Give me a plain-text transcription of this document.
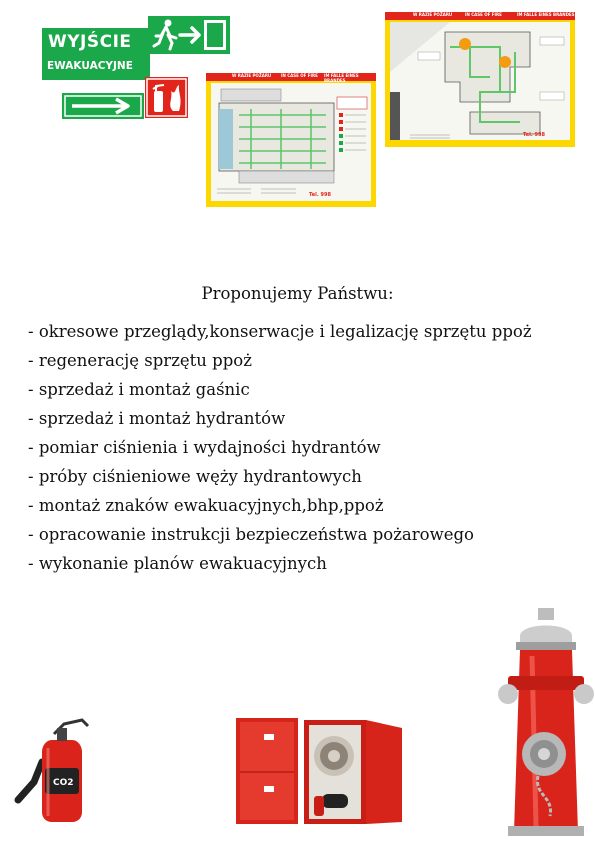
WYJŚCIE
EWAKUACYJNE
W RAZIE POŻARU IN CASE OF FIRE IM FALLE EINES BRANDES
Tel. 998
W RAZIE POŻARU	IN CASE OF FIRE	IM FALLE EINES BRANDES
Tel. 998
Proponujemy Państwu:
- okresowe przeglądy,konserwacje i legalizację sprzętu ppoż
- regenerację sprzętu ppoż
- sprzedaż i montaż gaśnic
- sprzedaż i montaż hydrantów
- pomiar ciśnienia i wydajności hydrantów
- próby ciśnieniowe węży hydrantowych
- montaż znaków ewakuacyjnych,bhp,ppoż
- opracowanie instrukcji bezpieczeństwa pożarowego
- wykonanie planów ewakuacyjnych
CO2
